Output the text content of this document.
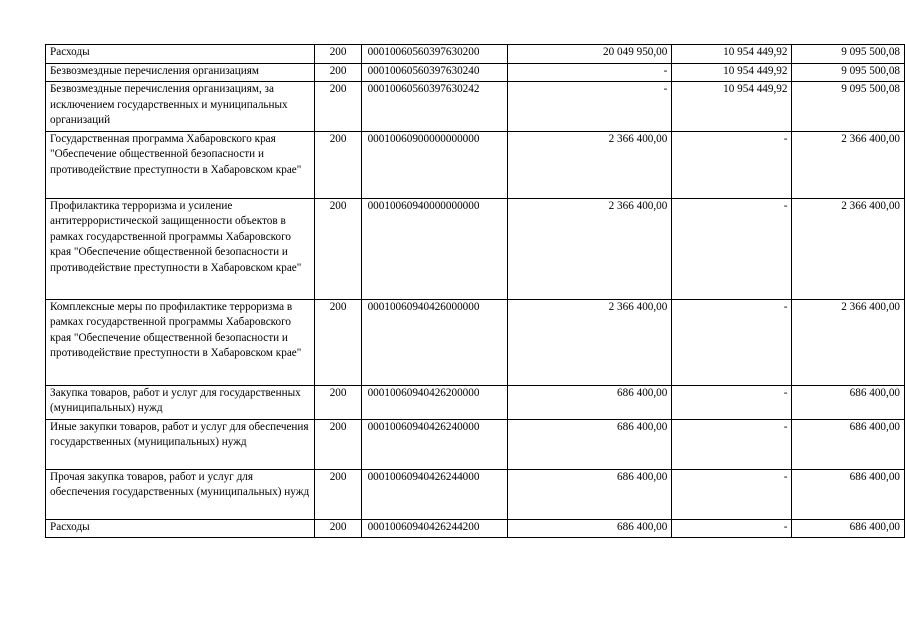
Расходы	200	00010060560397630200	20 049 950,00	10 954 449,92	9 095 500,08
Безвозмездные перечисления организациям	200	00010060560397630240	-	10 954 449,92	9 095 500,08
Безвозмездные перечисления организациям, за исключением государственных и муниципальных организаций	200	00010060560397630242	-	10 954 449,92	9 095 500,08
Государственная программа Хабаровского края "Обеспечение общественной безопасности и противодействие преступности в Хабаровском крае"	200	00010060900000000000	2 366 400,00	-	2 366 400,00
Профилактика терроризма и усиление антитеррористической защищенности объектов в рамках государственной программы Хабаровского края "Обеспечение общественной безопасности и противодействие преступности в Хабаровском крае"	200	00010060940000000000	2 366 400,00	-	2 366 400,00
Комплексные меры по профилактике терроризма в рамках государственной программы Хабаровского края "Обеспечение общественной безопасности и противодействие преступности в Хабаровском крае"	200	00010060940426000000	2 366 400,00	-	2 366 400,00
Закупка товаров, работ и услуг для государственных (муниципальных) нужд	200	00010060940426200000	686 400,00	-	686 400,00
Иные закупки товаров, работ и услуг для обеспечения государственных (муниципальных) нужд	200	00010060940426240000	686 400,00	-	686 400,00
Прочая закупка товаров, работ и услуг для обеспечения государственных (муниципальных) нужд	200	00010060940426244000	686 400,00	-	686 400,00
Расходы	200	00010060940426244200	686 400,00	-	686 400,00
